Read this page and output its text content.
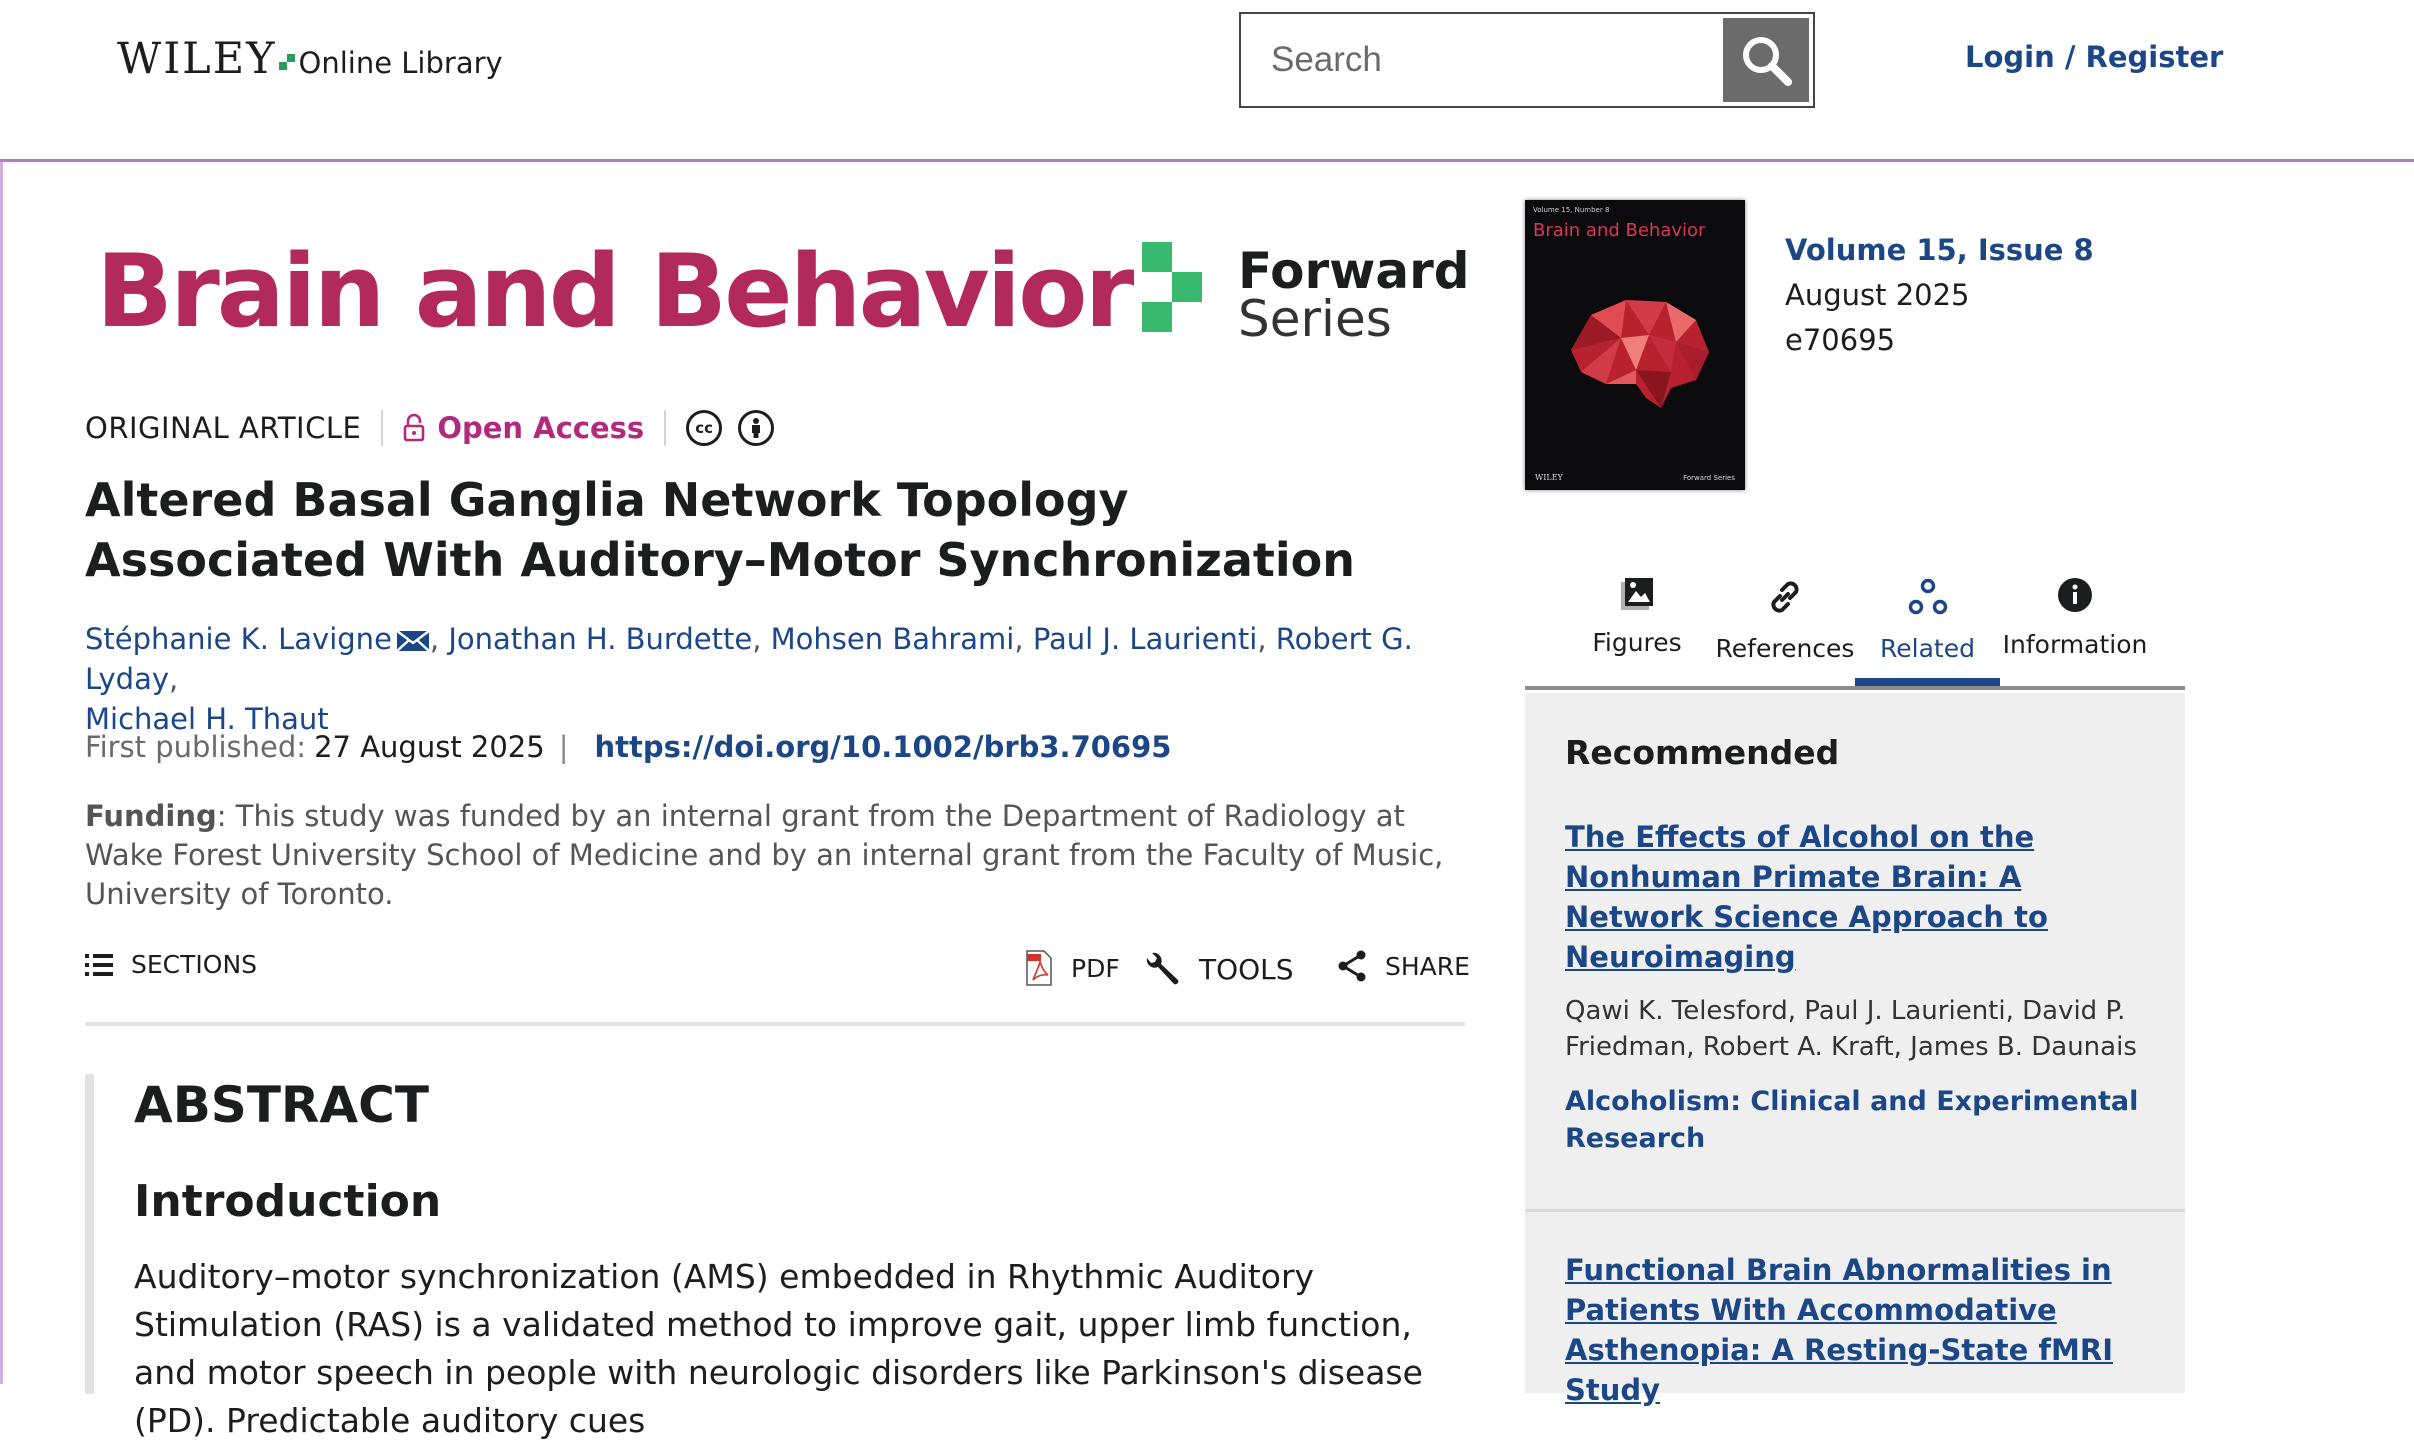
WILEY Online Library
Search	Login / Register
Brain and Behavior Forward
Series
ORIGINAL ARTICLE	Open Access	cc
Altered Basal Ganglia Network Topology Associated With Auditory–Motor Synchronization
Stéphanie K. Lavigne , Jonathan H. Burdette, Mohsen Bahrami, Paul J. Laurienti, Robert G. Lyday,
Michael H. Thaut
First published: 27 August 2025 | https://doi.org/10.1002/brb3.70695
Funding: This study was funded by an internal grant from the Department of Radiology at Wake Forest University School of Medicine and by an internal grant from the Faculty of Music, University of Toronto.
SECTIONS	PDF	TOOLS	SHARE
ABSTRACT
Introduction

Auditory–motor synchronization (AMS) embedded in Rhythmic Auditory Stimulation (RAS) is a validated method to improve gait, upper limb function, and motor speech in people with neurologic disorders like Parkinson's disease (PD). Predictable auditory cues

Volume 15, Number 8
Brain and Behavior
WILEY	Forward Series
Volume 15, Issue 8
August 2025
e70695
Figures References Related Information
Recommended
The Effects of Alcohol on the Nonhuman Primate Brain: A Network Science Approach to Neuroimaging
Qawi K. Telesford, Paul J. Laurienti, David P. Friedman, Robert A. Kraft, James B. Daunais
Alcoholism: Clinical and Experimental Research
Functional Brain Abnormalities in Patients With Accommodative Asthenopia: A Resting-State fMRI Study
